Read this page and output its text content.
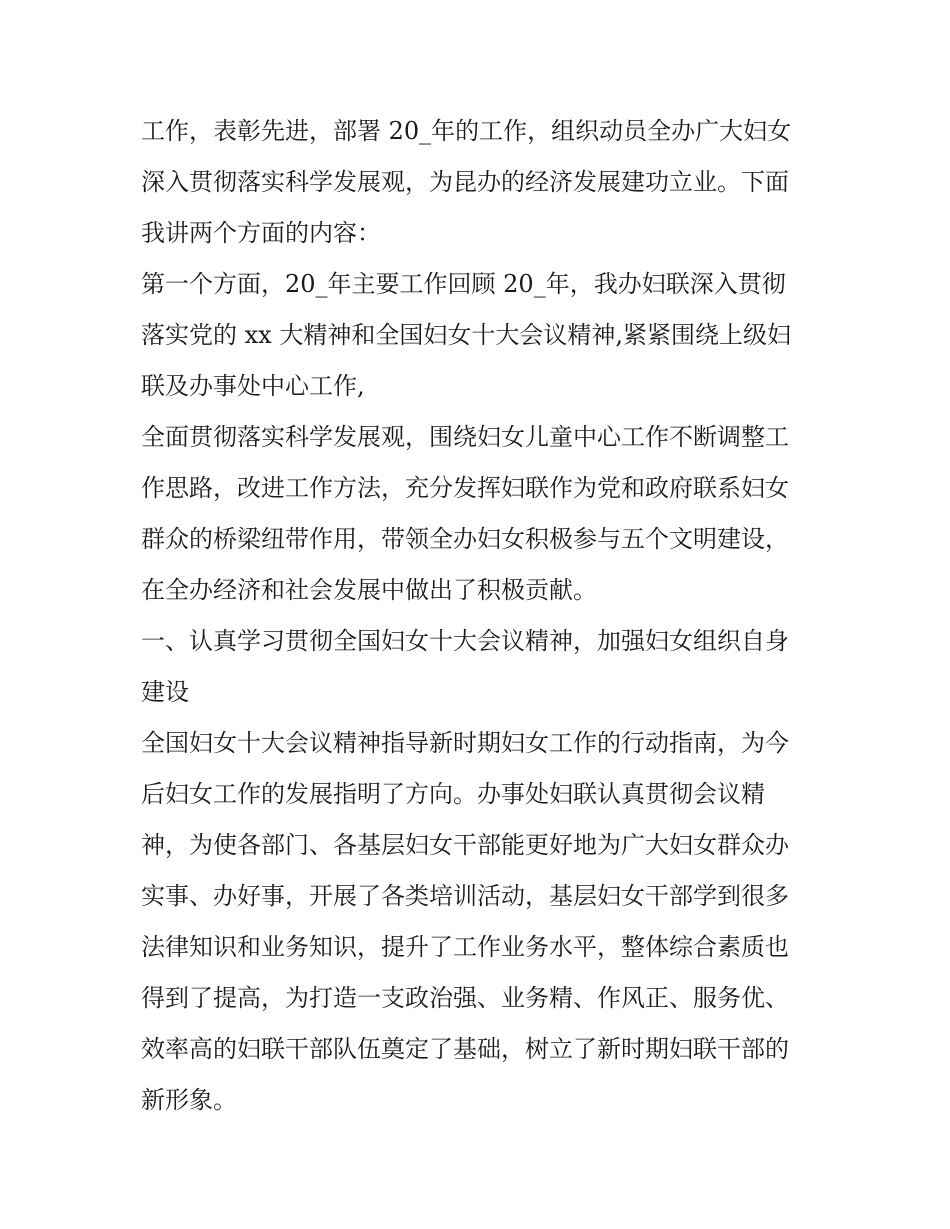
工作，表彰先进，部署 20_年的工作，组织动员全办广大妇女
深入贯彻落实科学发展观，为昆办的经济发展建功立业。下面
我讲两个方面的内容：
第一个方面，20_年主要工作回顾 20_年，我办妇联深入贯彻
落实党的 xx 大精神和全国妇女十大会议精神,紧紧围绕上级妇
联及办事处中心工作,
全面贯彻落实科学发展观，围绕妇女儿童中心工作不断调整工
作思路，改进工作方法，充分发挥妇联作为党和政府联系妇女
群众的桥梁纽带作用，带领全办妇女积极参与五个文明建设，
在全办经济和社会发展中做出了积极贡献。
一、认真学习贯彻全国妇女十大会议精神，加强妇女组织自身
建设
全国妇女十大会议精神指导新时期妇女工作的行动指南，为今
后妇女工作的发展指明了方向。办事处妇联认真贯彻会议精
神，为使各部门、各基层妇女干部能更好地为广大妇女群众办
实事、办好事，开展了各类培训活动，基层妇女干部学到很多
法律知识和业务知识，提升了工作业务水平，整体综合素质也
得到了提高，为打造一支政治强、业务精、作风正、服务优、
效率高的妇联干部队伍奠定了基础，树立了新时期妇联干部的
新形象。
